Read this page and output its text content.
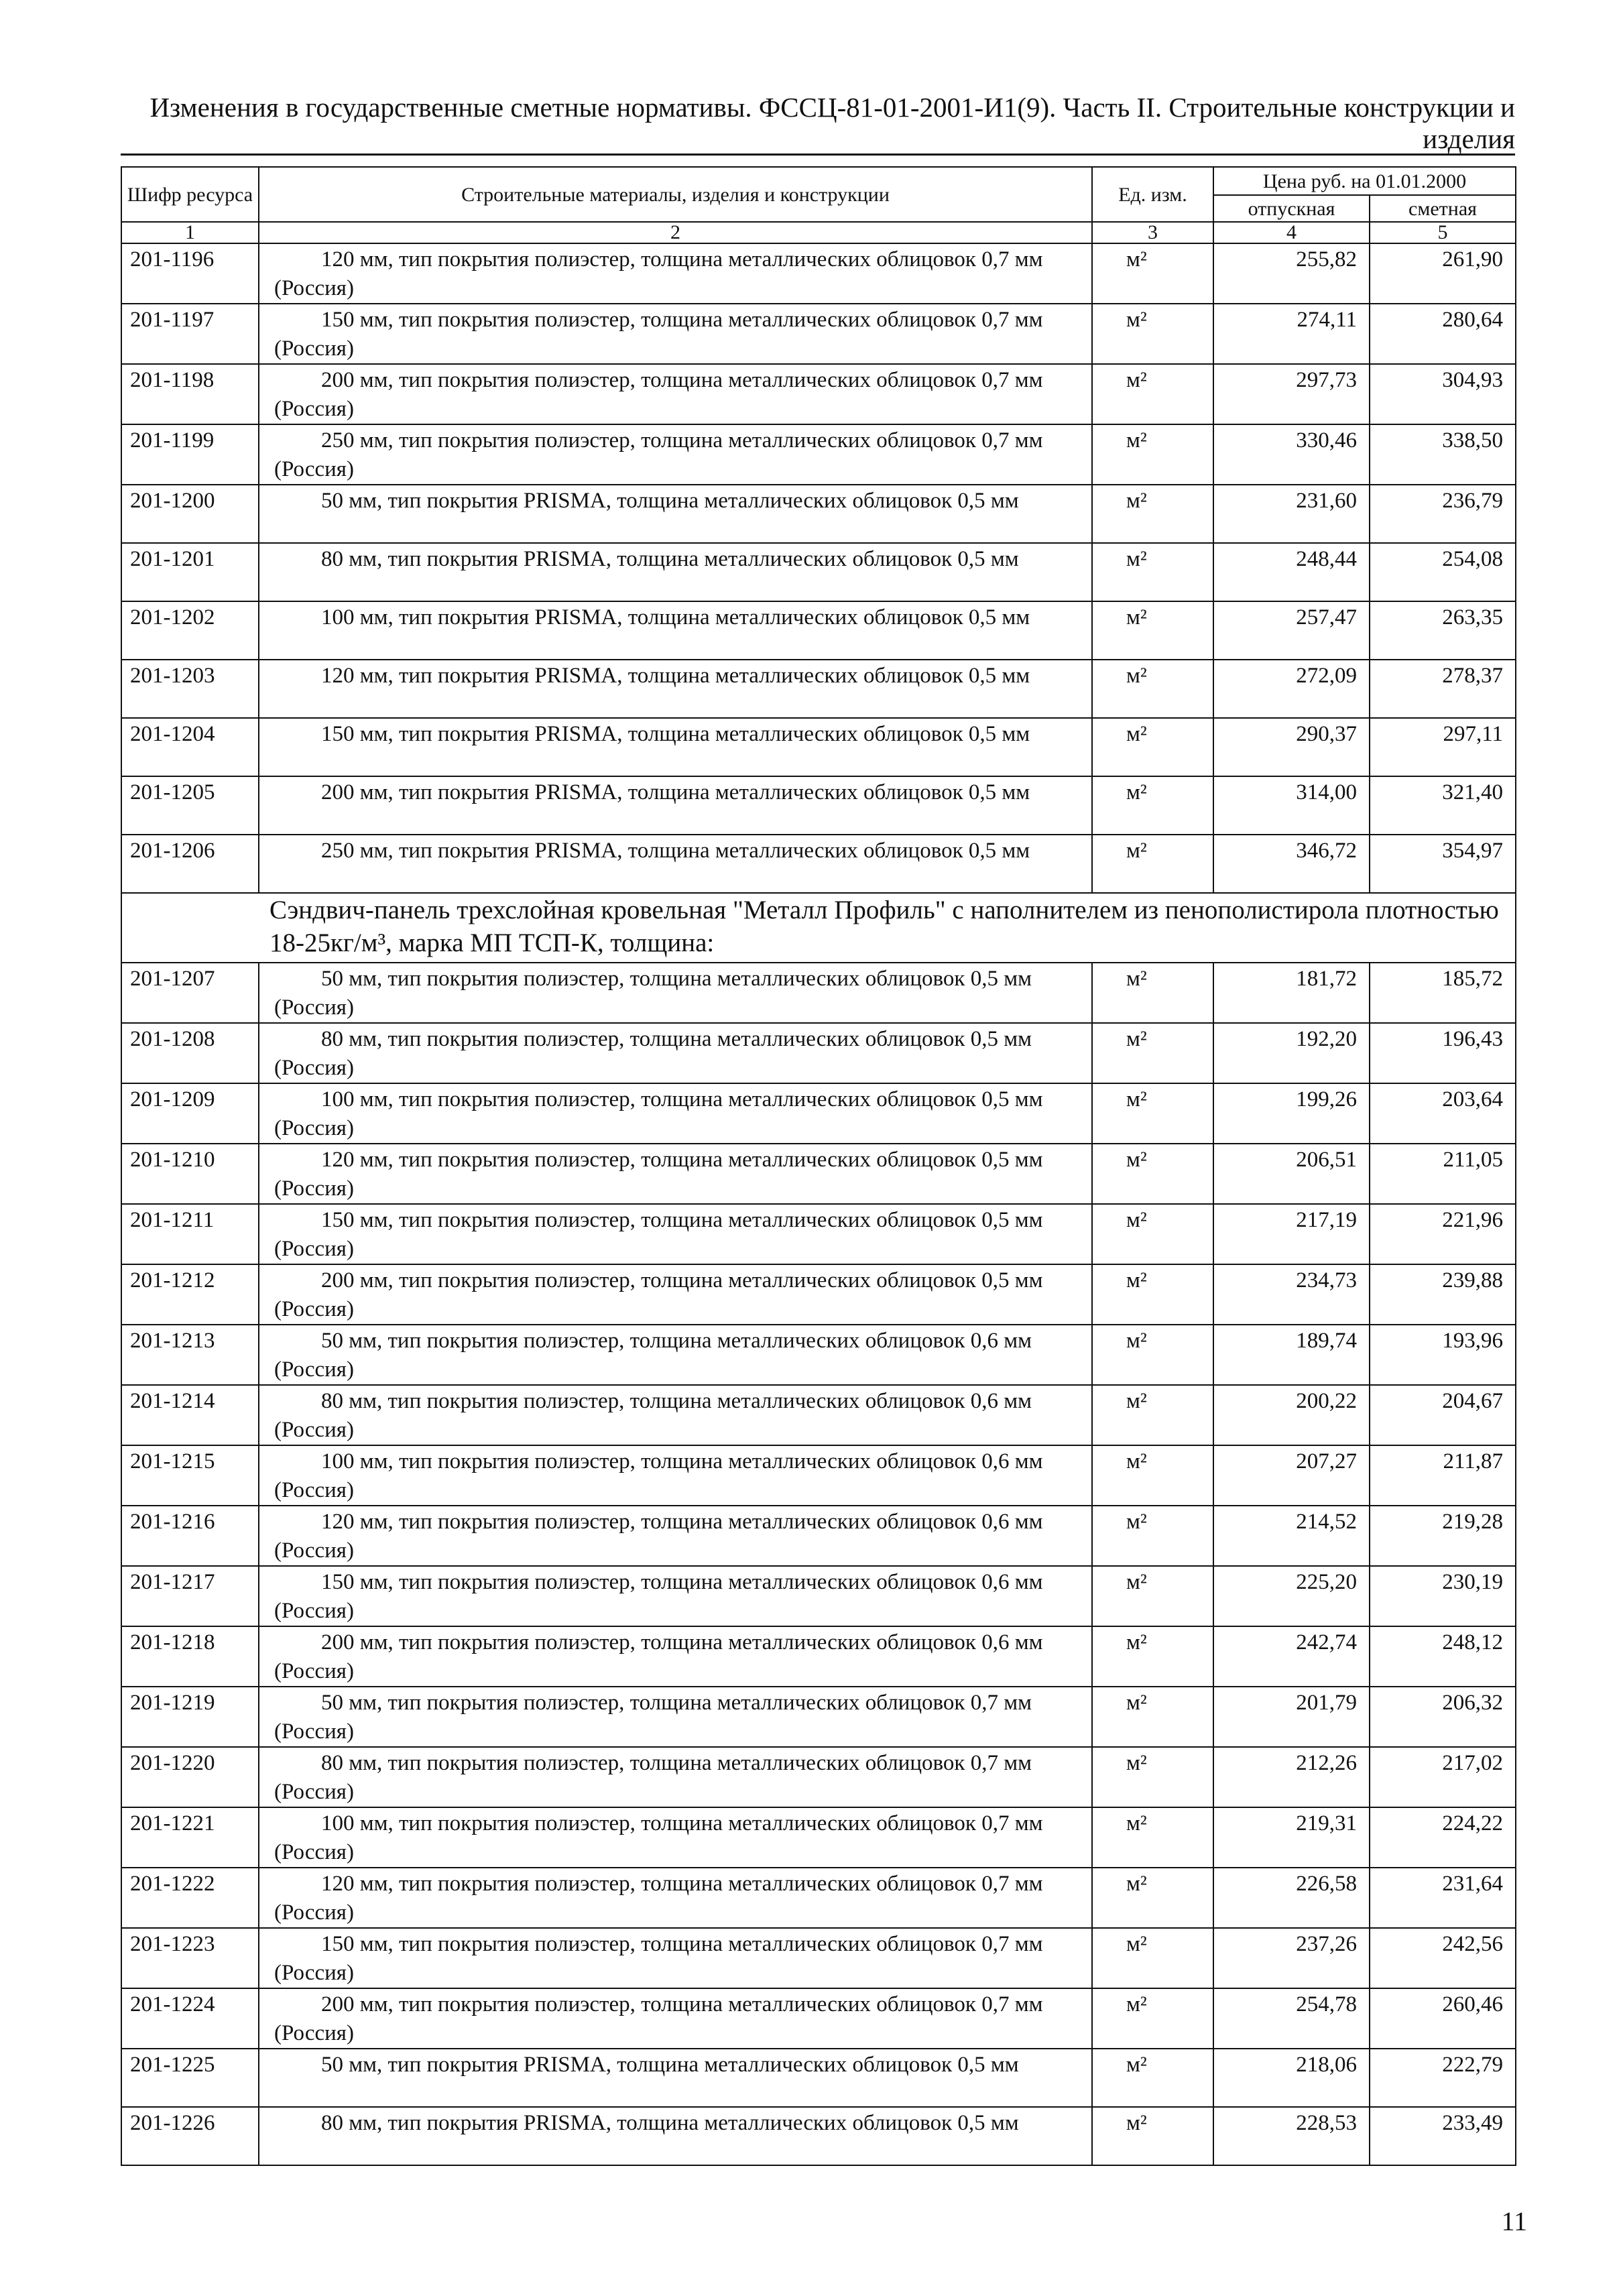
Изменения в государственные сметные нормативы. ФССЦ-81-01-2001-И1(9). Часть II. Строительные конструкции и
изделия
Шифр ресурса	Строительные материалы, изделия и конструкции	Ед. изм.	Цена руб. на 01.01.2000	
			отпускная	сметная
1	2	3	4	5
201-1196	120 мм, тип покрытия полиэстер, толщина металлических облицовок 0,7 мм (Россия)	м²	255,82	261,90
201-1197	150 мм, тип покрытия полиэстер, толщина металлических облицовок 0,7 мм (Россия)	м²	274,11	280,64
201-1198	200 мм, тип покрытия полиэстер, толщина металлических облицовок 0,7 мм (Россия)	м²	297,73	304,93
201-1199	250 мм, тип покрытия полиэстер, толщина металлических облицовок 0,7 мм (Россия)	м²	330,46	338,50
201-1200	50 мм, тип покрытия PRISMA, толщина металлических облицовок 0,5 мм	м²	231,60	236,79
201-1201	80 мм, тип покрытия PRISMA, толщина металлических облицовок 0,5 мм	м²	248,44	254,08
201-1202	100 мм, тип покрытия PRISMA, толщина металлических облицовок 0,5 мм	м²	257,47	263,35
201-1203	120 мм, тип покрытия PRISMA, толщина металлических облицовок 0,5 мм	м²	272,09	278,37
201-1204	150 мм, тип покрытия PRISMA, толщина металлических облицовок 0,5 мм	м²	290,37	297,11
201-1205	200 мм, тип покрытия PRISMA, толщина металлических облицовок 0,5 мм	м²	314,00	321,40
201-1206	250 мм, тип покрытия PRISMA, толщина металлических облицовок 0,5 мм	м²	346,72	354,97
Сэндвич-панель трехслойная кровельная "Металл Профиль" с наполнителем из пенополистирола плотностью 18-25кг/м³, марка МП ТСП-К, толщина:				
201-1207	50 мм, тип покрытия полиэстер, толщина металлических облицовок 0,5 мм (Россия)	м²	181,72	185,72
201-1208	80 мм, тип покрытия полиэстер, толщина металлических облицовок 0,5 мм (Россия)	м²	192,20	196,43
201-1209	100 мм, тип покрытия полиэстер, толщина металлических облицовок 0,5 мм (Россия)	м²	199,26	203,64
201-1210	120 мм, тип покрытия полиэстер, толщина металлических облицовок 0,5 мм (Россия)	м²	206,51	211,05
201-1211	150 мм, тип покрытия полиэстер, толщина металлических облицовок 0,5 мм (Россия)	м²	217,19	221,96
201-1212	200 мм, тип покрытия полиэстер, толщина металлических облицовок 0,5 мм (Россия)	м²	234,73	239,88
201-1213	50 мм, тип покрытия полиэстер, толщина металлических облицовок 0,6 мм (Россия)	м²	189,74	193,96
201-1214	80 мм, тип покрытия полиэстер, толщина металлических облицовок 0,6 мм (Россия)	м²	200,22	204,67
201-1215	100 мм, тип покрытия полиэстер, толщина металлических облицовок 0,6 мм (Россия)	м²	207,27	211,87
201-1216	120 мм, тип покрытия полиэстер, толщина металлических облицовок 0,6 мм (Россия)	м²	214,52	219,28
201-1217	150 мм, тип покрытия полиэстер, толщина металлических облицовок 0,6 мм (Россия)	м²	225,20	230,19
201-1218	200 мм, тип покрытия полиэстер, толщина металлических облицовок 0,6 мм (Россия)	м²	242,74	248,12
201-1219	50 мм, тип покрытия полиэстер, толщина металлических облицовок 0,7 мм (Россия)	м²	201,79	206,32
201-1220	80 мм, тип покрытия полиэстер, толщина металлических облицовок 0,7 мм (Россия)	м²	212,26	217,02
201-1221	100 мм, тип покрытия полиэстер, толщина металлических облицовок 0,7 мм (Россия)	м²	219,31	224,22
201-1222	120 мм, тип покрытия полиэстер, толщина металлических облицовок 0,7 мм (Россия)	м²	226,58	231,64
201-1223	150 мм, тип покрытия полиэстер, толщина металлических облицовок 0,7 мм (Россия)	м²	237,26	242,56
201-1224	200 мм, тип покрытия полиэстер, толщина металлических облицовок 0,7 мм (Россия)	м²	254,78	260,46
201-1225	50 мм, тип покрытия PRISMA, толщина металлических облицовок 0,5 мм	м²	218,06	222,79
201-1226	80 мм, тип покрытия PRISMA, толщина металлических облицовок 0,5 мм	м²	228,53	233,49
11
